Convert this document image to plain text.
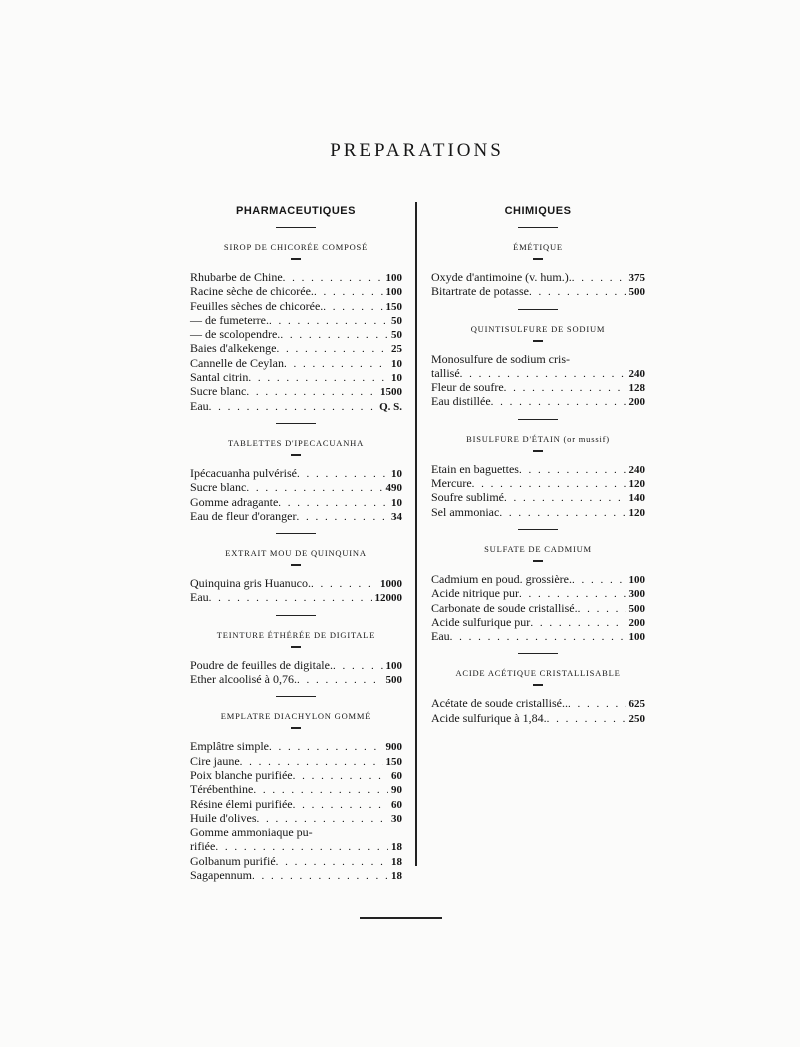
PREPARATIONS
PHARMACEUTIQUES
SIROP DE CHICORÉE COMPOSÉ
Rhubarbe de Chine . . .	100
Racine sèche de chicorée. . . .	100
Feuilles sèches de chicorée. . . .	150
— de fumeterre. . . .	50
— de scolopendre. . . .	50
Baies d'alkekenge . . .	25
Cannelle de Ceylan . . .	10
Santal citrin . . .	10
Sucre blanc . . .	1500
Eau . . .	Q. S.
TABLETTES D'IPECACUANHA
Ipécacuanha pulvérisé . . .	10
Sucre blanc . . .	490
Gomme adragante . . .	10
Eau de fleur d'oranger . . .	34
EXTRAIT MOU DE QUINQUINA
Quinquina gris Huanuco. . . .	1000
Eau . . .	12000
TEINTURE ÉTHÉRÉE DE DIGITALE
Poudre de feuilles de digitale. . . .	100
Ether alcoolisé à 0,76. . . .	500
EMPLATRE DIACHYLON GOMMÉ
Emplâtre simple . . .	900
Cire jaune . . .	150
Poix blanche purifiée . . .	60
Térébenthine . . .	90
Résine élemi purifiée . . .	60
Huile d'olives . . .	30
Gomme ammoniaque pu-
rifiée . . .	18
Golbanum purifié . . .	18
Sagapennum . . .	18
CHIMIQUES
ÉMÉTIQUE
Oxyde d'antimoine (v. hum.). . . .	375
Bitartrate de potasse . . .	500
QUINTISULFURE DE SODIUM
Monosulfure de sodium cris-
tallisé . . .	240
Fleur de soufre . . .	128
Eau distillée . . .	200
BISULFURE D'ÉTAIN (or mussif)
Etain en baguettes . . .	240
Mercure . . .	120
Soufre sublimé . . .	140
Sel ammoniac . . .	120
SULFATE DE CADMIUM
Cadmium en poud. grossière. . . .	100
Acide nitrique pur . . .	300
Carbonate de soude cristallisé. . . .	500
Acide sulfurique pur . . .	200
Eau . . .	100
ACIDE ACÉTIQUE CRISTALLISABLE
Acétate de soude cristallisé.. . . .	625
Acide sulfurique à 1,84. . . .	250
